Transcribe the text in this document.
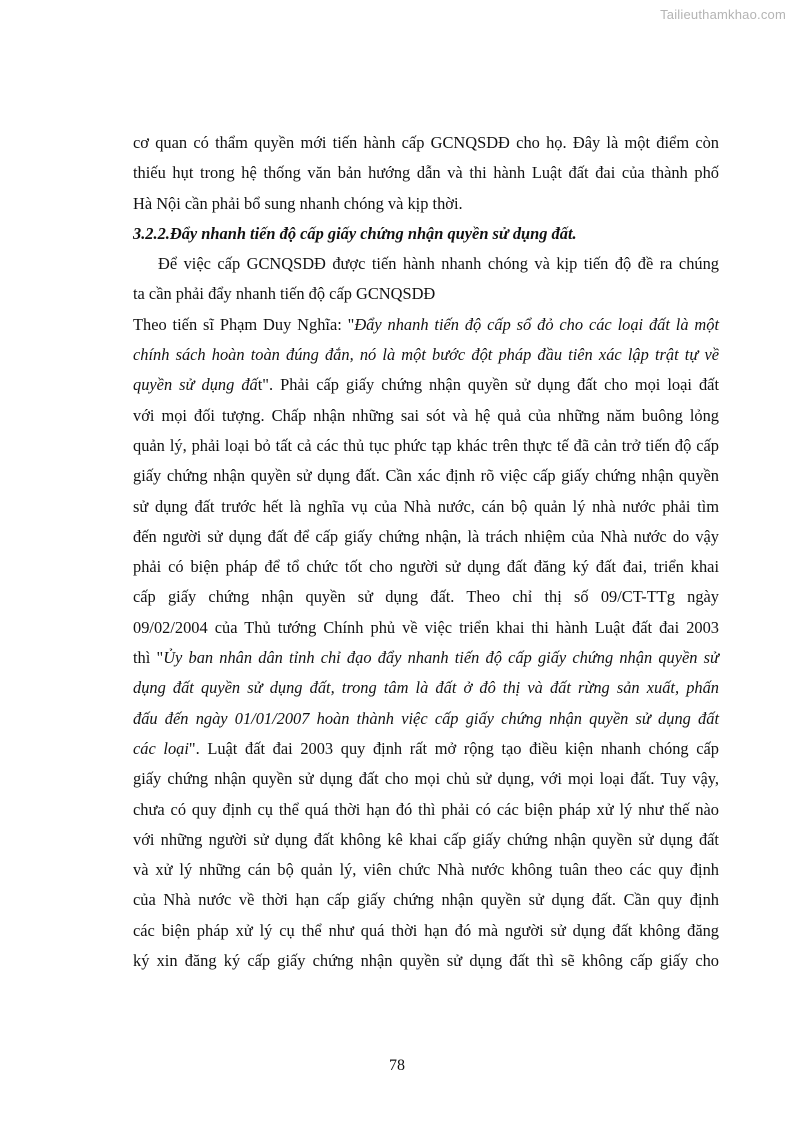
Tailieuthamkhao.com
cơ quan có thẩm quyền mới tiến hành cấp GCNQSDĐ cho họ. Đây là một điểm còn
thiếu hụt trong hệ thống văn bản hướng dẫn và thi hành Luật đất đai của thành phố
Hà Nội cần phải bổ sung nhanh chóng và kịp thời.
3.2.2.Đẩy nhanh tiến độ cấp giấy chứng nhận quyền sử dụng đất.
Để việc cấp GCNQSDĐ được tiến hành nhanh chóng và kịp tiến độ đề ra chúng
ta cần phải đẩy nhanh tiến độ cấp GCNQSDĐ
Theo tiến sĩ Phạm Duy Nghĩa: "Đẩy nhanh tiến độ cấp sổ đỏ cho các loại đất là một
chính sách hoàn toàn đúng đắn, nó là một bước đột pháp đầu tiên xác lập trật tự về
quyền sử dụng đất". Phải cấp giấy chứng nhận quyền sử dụng đất cho mọi loại đất
với mọi đối tượng. Chấp nhận những sai sót và hệ quả của những năm buông lỏng
quản lý, phải loại bỏ tất cả các thủ tục phức tạp khác trên thực tế đã cản trở tiến độ cấp
giấy chứng nhận quyền sử dụng đất. Cần xác định rõ việc cấp giấy chứng nhận quyền
sử dụng đất trước hết là nghĩa vụ của Nhà nước, cán bộ quản lý nhà nước phải tìm
đến người sử dụng đất để cấp giấy chứng nhận, là trách nhiệm của Nhà nước do vậy
phải có biện pháp để tổ chức tốt cho người sử dụng đất đăng ký đất đai, triển khai
cấp giấy chứng nhận quyền sử dụng đất. Theo chỉ thị số 09/CT-TTg ngày
09/02/2004 của Thủ tướng Chính phủ về việc triển khai thi hành Luật đất đai 2003
thì "Ủy ban nhân dân tỉnh chỉ đạo đẩy nhanh tiến độ cấp giấy chứng nhận quyền sử
dụng đất quyền sử dụng đất, trong tâm là đất ở đô thị và đất rừng sản xuất, phấn
đấu đến ngày 01/01/2007 hoàn thành việc cấp giấy chứng nhận quyền sử dụng đất
các loại". Luật đất đai 2003 quy định rất mở rộng tạo điều kiện nhanh chóng cấp
giấy chứng nhận quyền sử dụng đất cho mọi chủ sử dụng, với mọi loại đất. Tuy vậy,
chưa có quy định cụ thể quá thời hạn đó thì phải có các biện pháp xử lý như thế nào
với những người sử dụng đất không kê khai cấp giấy chứng nhận quyền sử dụng đất
và xử lý những cán bộ quản lý, viên chức Nhà nước không tuân theo các quy định
của Nhà nước về thời hạn cấp giấy chứng nhận quyền sử dụng đất. Cần quy định
các biện pháp xử lý cụ thể như quá thời hạn đó mà người sử dụng đất không đăng
ký xin đăng ký cấp giấy chứng nhận quyền sử dụng đất thì sẽ không cấp giấy cho
78
